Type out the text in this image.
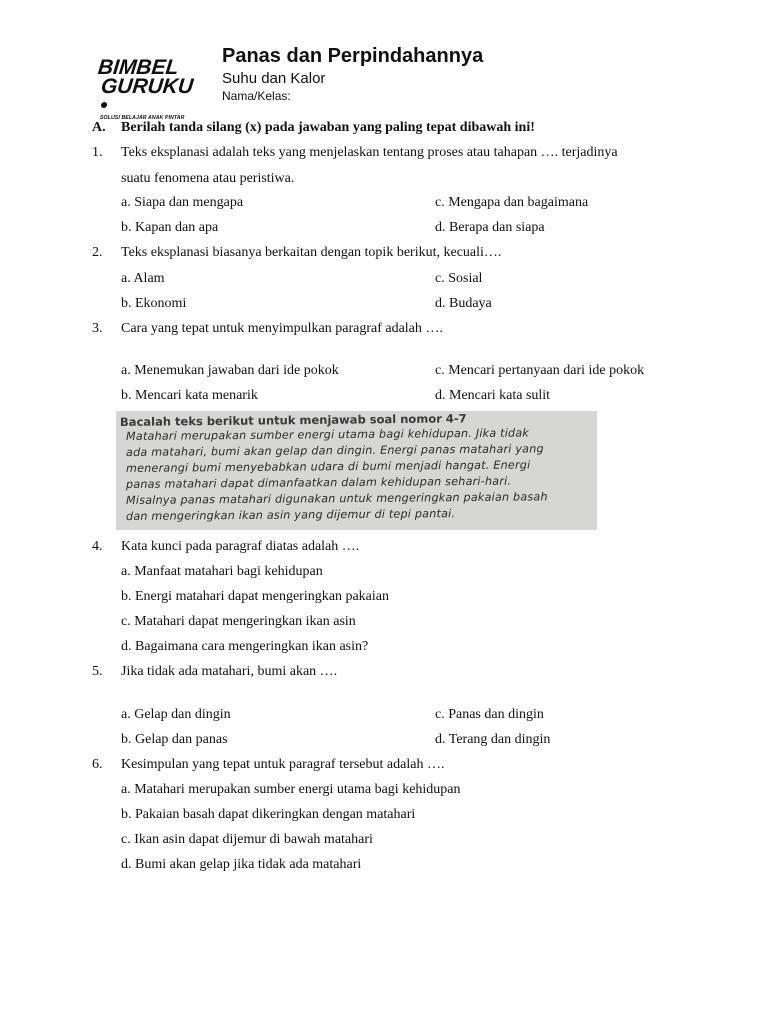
BIMBEL
GURUKU
SOLUSI BELAJAR ANAK PINTAR
Panas dan Perpindahannya
Suhu dan Kalor
Nama/Kelas:
A. Berilah tanda silang (x) pada jawaban yang paling tepat dibawah ini!
1. Teks eksplanasi adalah teks yang menjelaskan tentang proses atau tahapan …. terjadinya
suatu fenomena atau peristiwa.
a. Siapa dan mengapa
b. Kapan dan apa
c. Mengapa dan bagaimana
d. Berapa dan siapa
2. Teks eksplanasi biasanya berkaitan dengan topik berikut, kecuali….
a. Alam
b. Ekonomi
c. Sosial
d. Budaya
3. Cara yang tepat untuk menyimpulkan paragraf adalah ….
a. Menemukan jawaban dari ide pokok
b. Mencari kata menarik
c. Mencari pertanyaan dari ide pokok
d. Mencari kata sulit
Bacalah teks berikut untuk menjawab soal nomor 4-7
Matahari merupakan sumber energi utama bagi kehidupan. Jika tidak
ada matahari, bumi akan gelap dan dingin. Energi panas matahari yang
menerangi bumi menyebabkan udara di bumi menjadi hangat. Energi
panas matahari dapat dimanfaatkan dalam kehidupan sehari-hari.
Misalnya panas matahari digunakan untuk mengeringkan pakaian basah
dan mengeringkan ikan asin yang dijemur di tepi pantai.
4. Kata kunci pada paragraf diatas adalah ….
a. Manfaat matahari bagi kehidupan
b. Energi matahari dapat mengeringkan pakaian
c. Matahari dapat mengeringkan ikan asin
d. Bagaimana cara mengeringkan ikan asin?
5. Jika tidak ada matahari, bumi akan ….
a. Gelap dan dingin
b. Gelap dan panas
c. Panas dan dingin
d. Terang dan dingin
6. Kesimpulan yang tepat untuk paragraf tersebut adalah ….
a. Matahari merupakan sumber energi utama bagi kehidupan
b. Pakaian basah dapat dikeringkan dengan matahari
c. Ikan asin dapat dijemur di bawah matahari
d. Bumi akan gelap jika tidak ada matahari
